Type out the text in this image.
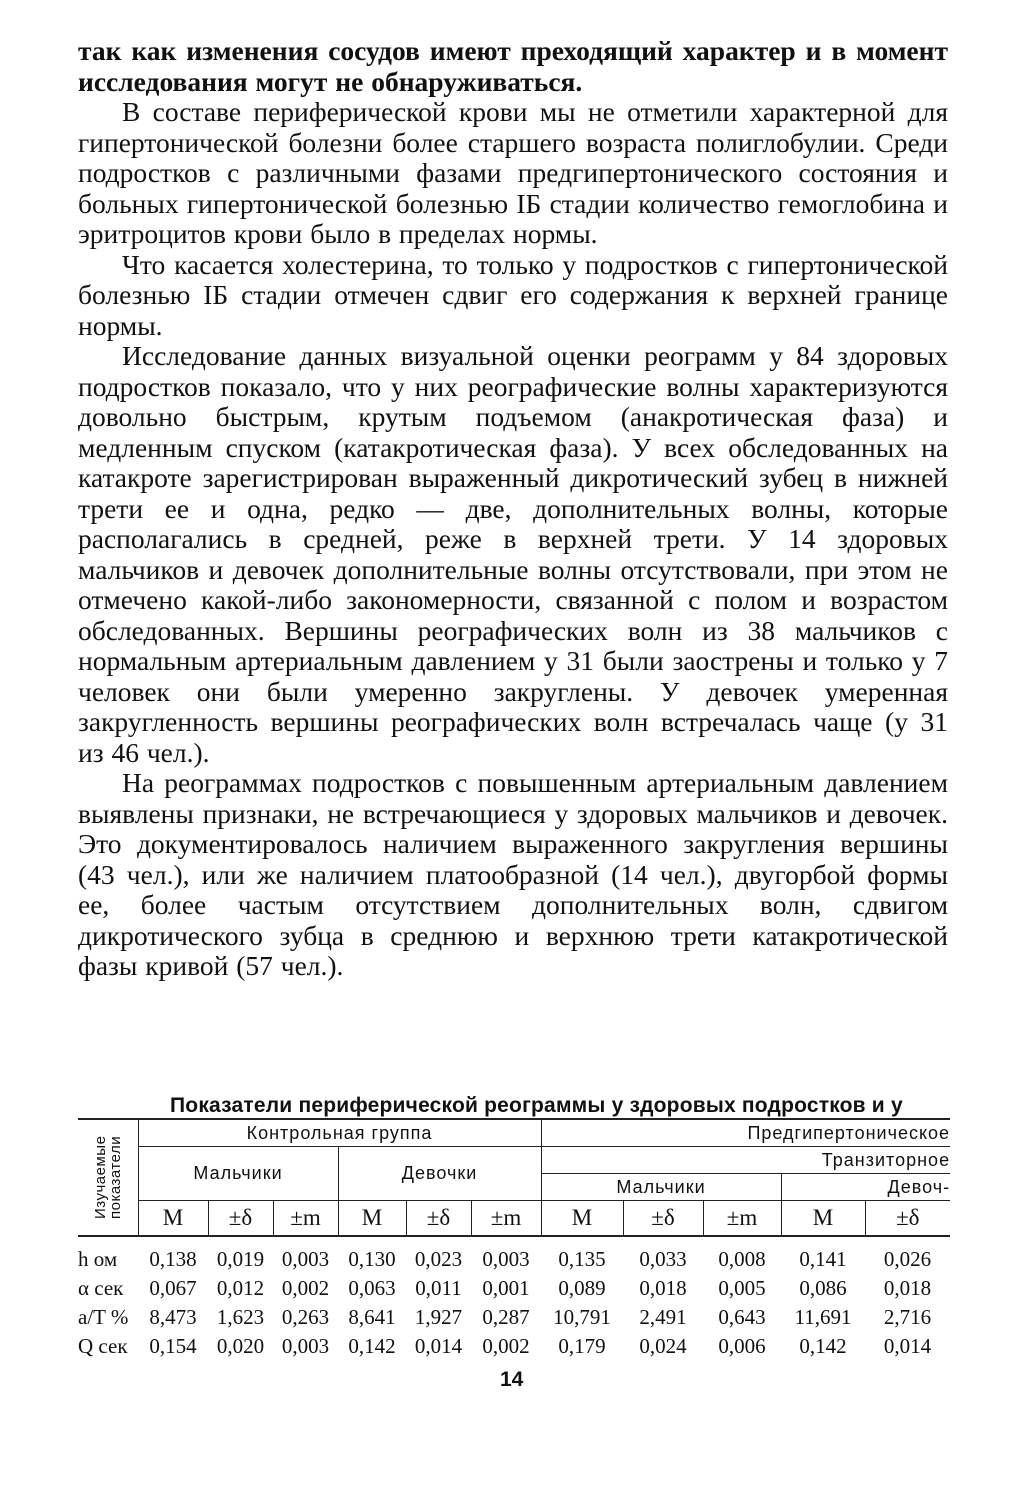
так как изменения сосудов имеют преходящий характер и в момент исследования могут не обнаруживаться.

В составе периферической крови мы не отметили характерной для гипертонической болезни более старшего возраста полиглобулии. Среди подростков с различными фазами предгипертонического состояния и больных гипертонической болезнью IБ стадии количество гемоглобина и эритроцитов крови было в пределах нормы.

Что касается холестерина, то только у подростков с гипертонической болезнью IБ стадии отмечен сдвиг его содержания к верхней границе нормы.

Исследование данных визуальной оценки реограмм у 84 здоровых подростков показало, что у них реографические волны характеризуются довольно быстрым, крутым подъемом (анакротическая фаза) и медленным спуском (катакротическая фаза). У всех обследованных на катакроте зарегистрирован выраженный дикротический зубец в нижней трети ее и одна, редко — две, дополнительных волны, которые располагались в средней, реже в верхней трети. У 14 здоровых мальчиков и девочек дополнительные волны отсутствовали, при этом не отмечено какой-либо закономерности, связанной с полом и возрастом обследованных. Вершины реографических волн из 38 мальчиков с нормальным артериальным давлением у 31 были заострены и только у 7 человек они были умеренно закруглены. У девочек умеренная закругленность вершины реографических волн встречалась чаще (у 31 из 46 чел.).

На реограммах подростков с повышенным артериальным давлением выявлены признаки, не встречающиеся у здоровых мальчиков и девочек. Это документировалось наличием выраженного закругления вершины (43 чел.), или же наличием платообразной (14 чел.), двугорбой формы ее, более частым отсутствием дополнительных волн, сдвигом дикротического зубца в среднюю и верхнюю трети катакротической фазы кривой (57 чел.).

Показатели периферической реограммы у здоровых подростков и у
Изучаемые показатели	Контрольная группа						Предгипертоническое				
	Мальчики			Девочки			Транзиторное				
							Мальчики			Девоч-	
	M	±δ	±m	M	±δ	±m	M	±δ	±m	M	±δ
h ом	0,138	0,019	0,003	0,130	0,023	0,003	0,135	0,033	0,008	0,141	0,026
α сек	0,067	0,012	0,002	0,063	0,011	0,001	0,089	0,018	0,005	0,086	0,018
a/T %	8,473	1,623	0,263	8,641	1,927	0,287	10,791	2,491	0,643	11,691	2,716
Q сек	0,154	0,020	0,003	0,142	0,014	0,002	0,179	0,024	0,006	0,142	0,014
14
